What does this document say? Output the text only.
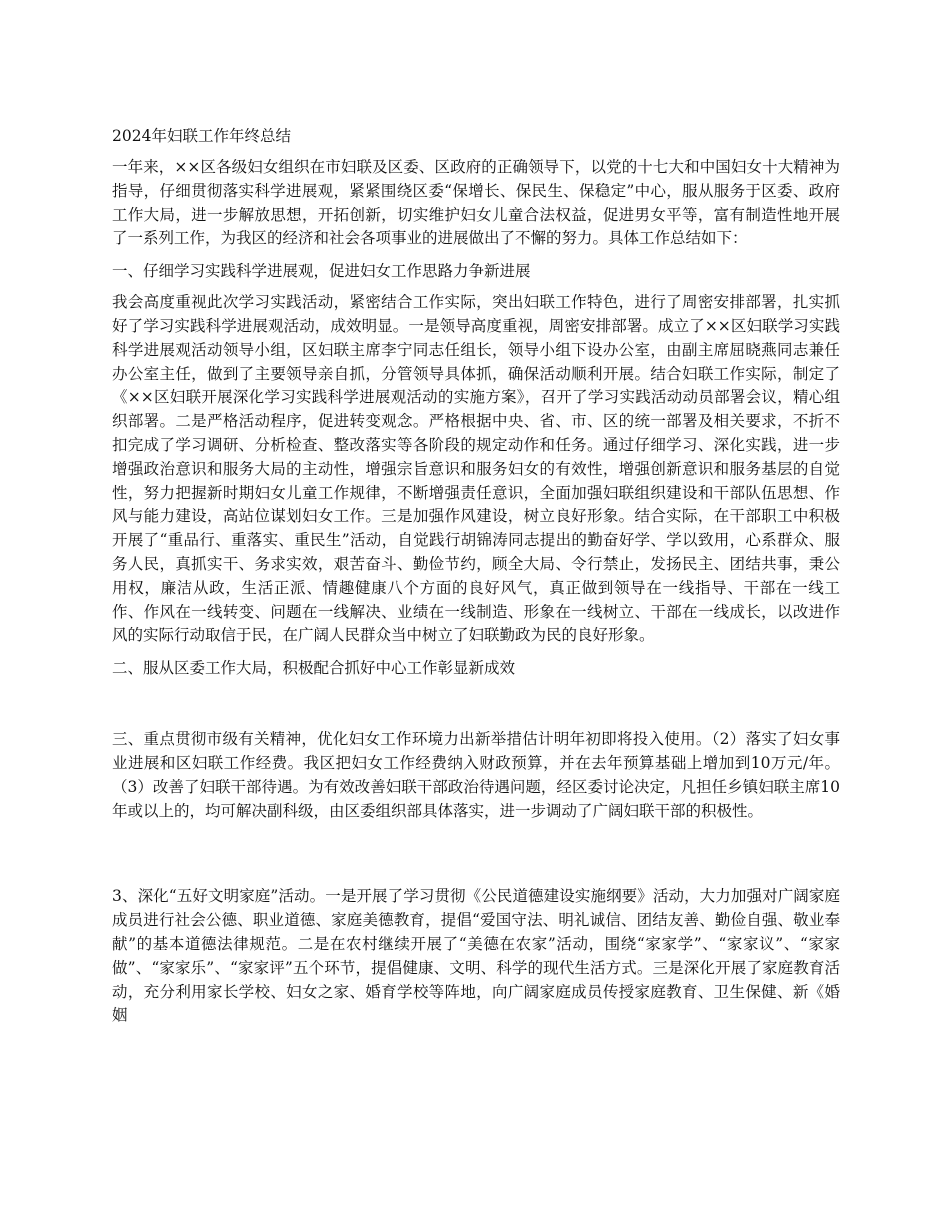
2024年妇联工作年终总结
一年来，××区各级妇女组织在市妇联及区委、区政府的正确领导下，以党的十七大和中国妇女十大精神为指导，仔细贯彻落实科学进展观，紧紧围绕区委“保增长、保民生、保稳定”中心，服从服务于区委、政府工作大局，进一步解放思想，开拓创新，切实维护妇女儿童合法权益，促进男女平等，富有制造性地开展了一系列工作，为我区的经济和社会各项事业的进展做出了不懈的努力。具体工作总结如下：
一、仔细学习实践科学进展观，促进妇女工作思路力争新进展
我会高度重视此次学习实践活动，紧密结合工作实际，突出妇联工作特色，进行了周密安排部署，扎实抓好了学习实践科学进展观活动，成效明显。一是领导高度重视，周密安排部署。成立了××区妇联学习实践科学进展观活动领导小组，区妇联主席李宁同志任组长，领导小组下设办公室，由副主席屈晓燕同志兼任办公室主任，做到了主要领导亲自抓，分管领导具体抓，确保活动顺利开展。结合妇联工作实际，制定了《××区妇联开展深化学习实践科学进展观活动的实施方案》，召开了学习实践活动动员部署会议，精心组织部署。二是严格活动程序，促进转变观念。严格根据中央、省、市、区的统一部署及相关要求，不折不扣完成了学习调研、分析检查、整改落实等各阶段的规定动作和任务。通过仔细学习、深化实践，进一步增强政治意识和服务大局的主动性，增强宗旨意识和服务妇女的有效性，增强创新意识和服务基层的自觉性，努力把握新时期妇女儿童工作规律，不断增强责任意识，全面加强妇联组织建设和干部队伍思想、作风与能力建设，高站位谋划妇女工作。三是加强作风建设，树立良好形象。结合实际，在干部职工中积极开展了“重品行、重落实、重民生”活动，自觉践行胡锦涛同志提出的勤奋好学、学以致用，心系群众、服务人民，真抓实干、务求实效，艰苦奋斗、勤俭节约，顾全大局、令行禁止，发扬民主、团结共事，秉公用权，廉洁从政，生活正派、情趣健康八个方面的良好风气，真正做到领导在一线指导、干部在一线工作、作风在一线转变、问题在一线解决、业绩在一线制造、形象在一线树立、干部在一线成长，以改进作风的实际行动取信于民，在广阔人民群众当中树立了妇联勤政为民的良好形象。
二、服从区委工作大局，积极配合抓好中心工作彰显新成效
三、重点贯彻市级有关精神，优化妇女工作环境力出新举措估计明年初即将投入使用。（2）落实了妇女事业进展和区妇联工作经费。我区把妇女工作经费纳入财政预算，并在去年预算基础上增加到10万元/年。（3）改善了妇联干部待遇。为有效改善妇联干部政治待遇问题，经区委讨论决定，凡担任乡镇妇联主席10年或以上的，均可解决副科级，由区委组织部具体落实，进一步调动了广阔妇联干部的积极性。
3、深化“五好文明家庭”活动。一是开展了学习贯彻《公民道德建设实施纲要》活动，大力加强对广阔家庭成员进行社会公德、职业道德、家庭美德教育，提倡“爱国守法、明礼诚信、团结友善、勤俭自强、敬业奉献”的基本道德法律规范。二是在农村继续开展了“美德在农家”活动，围绕“家家学”、“家家议”、“家家做”、“家家乐”、“家家评”五个环节，提倡健康、文明、科学的现代生活方式。三是深化开展了家庭教育活动，充分利用家长学校、妇女之家、婚育学校等阵地，向广阔家庭成员传授家庭教育、卫生保健、新《婚姻
